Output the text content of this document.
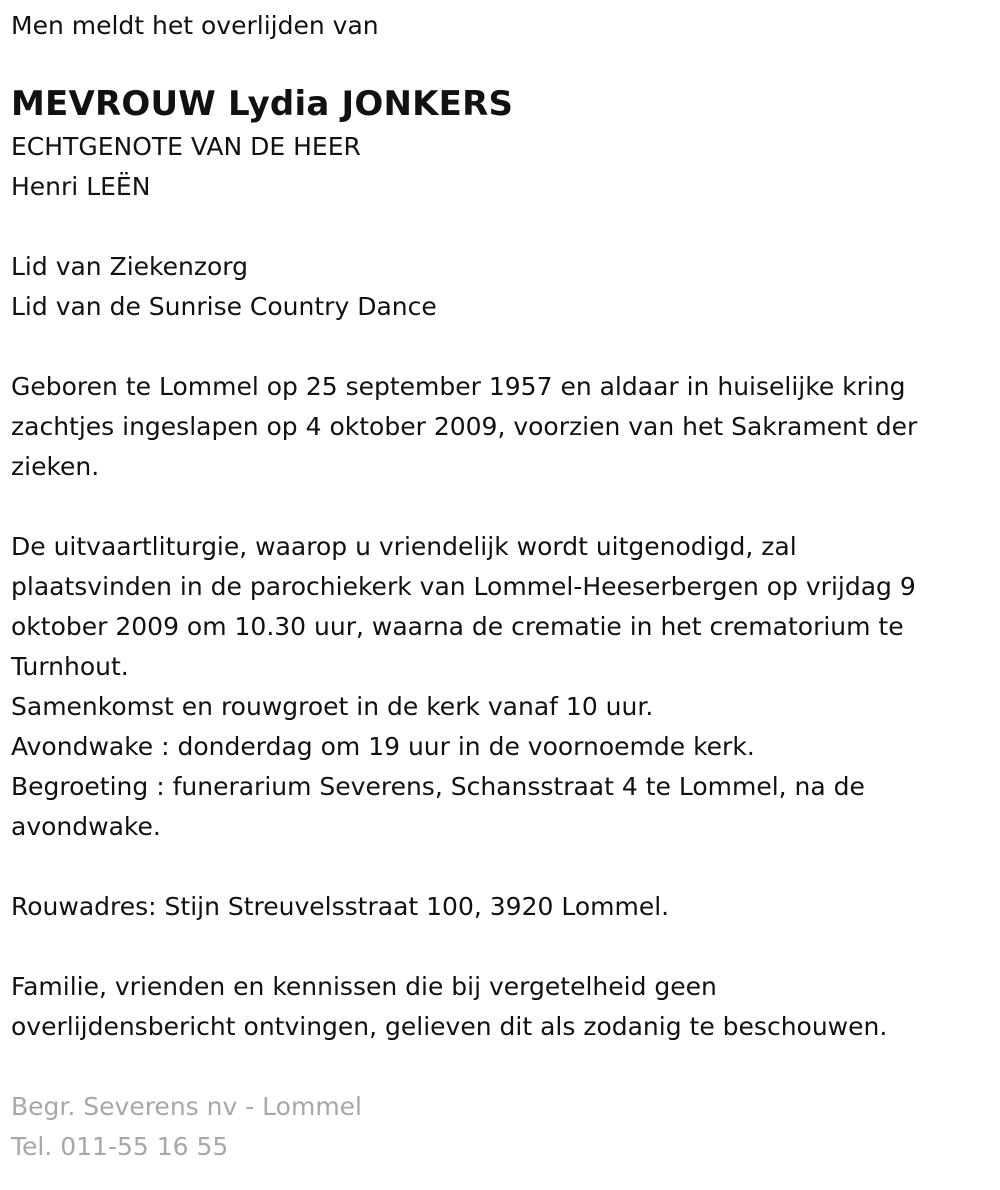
Men meldt het overlijden van

MEVROUW Lydia JONKERS

ECHTGENOTE VAN DE HEER

Henri LEËN

Lid van Ziekenzorg

Lid van de Sunrise Country Dance

Geboren te Lommel op 25 september 1957 en aldaar in huiselijke kring

zachtjes ingeslapen op 4 oktober 2009, voorzien van het Sakrament der

zieken.

De uitvaartliturgie, waarop u vriendelijk wordt uitgenodigd, zal

plaatsvinden in de parochiekerk van Lommel-Heeserbergen op vrijdag 9

oktober 2009 om 10.30 uur, waarna de crematie in het crematorium te

Turnhout.

Samenkomst en rouwgroet in de kerk vanaf 10 uur.

Avondwake : donderdag om 19 uur in de voornoemde kerk.

Begroeting : funerarium Severens, Schansstraat 4 te Lommel, na de

avondwake.

Rouwadres: Stijn Streuvelsstraat 100, 3920 Lommel.

Familie, vrienden en kennissen die bij vergetelheid geen

overlijdensbericht ontvingen, gelieven dit als zodanig te beschouwen.

Begr. Severens nv - Lommel

Tel. 011-55 16 55
